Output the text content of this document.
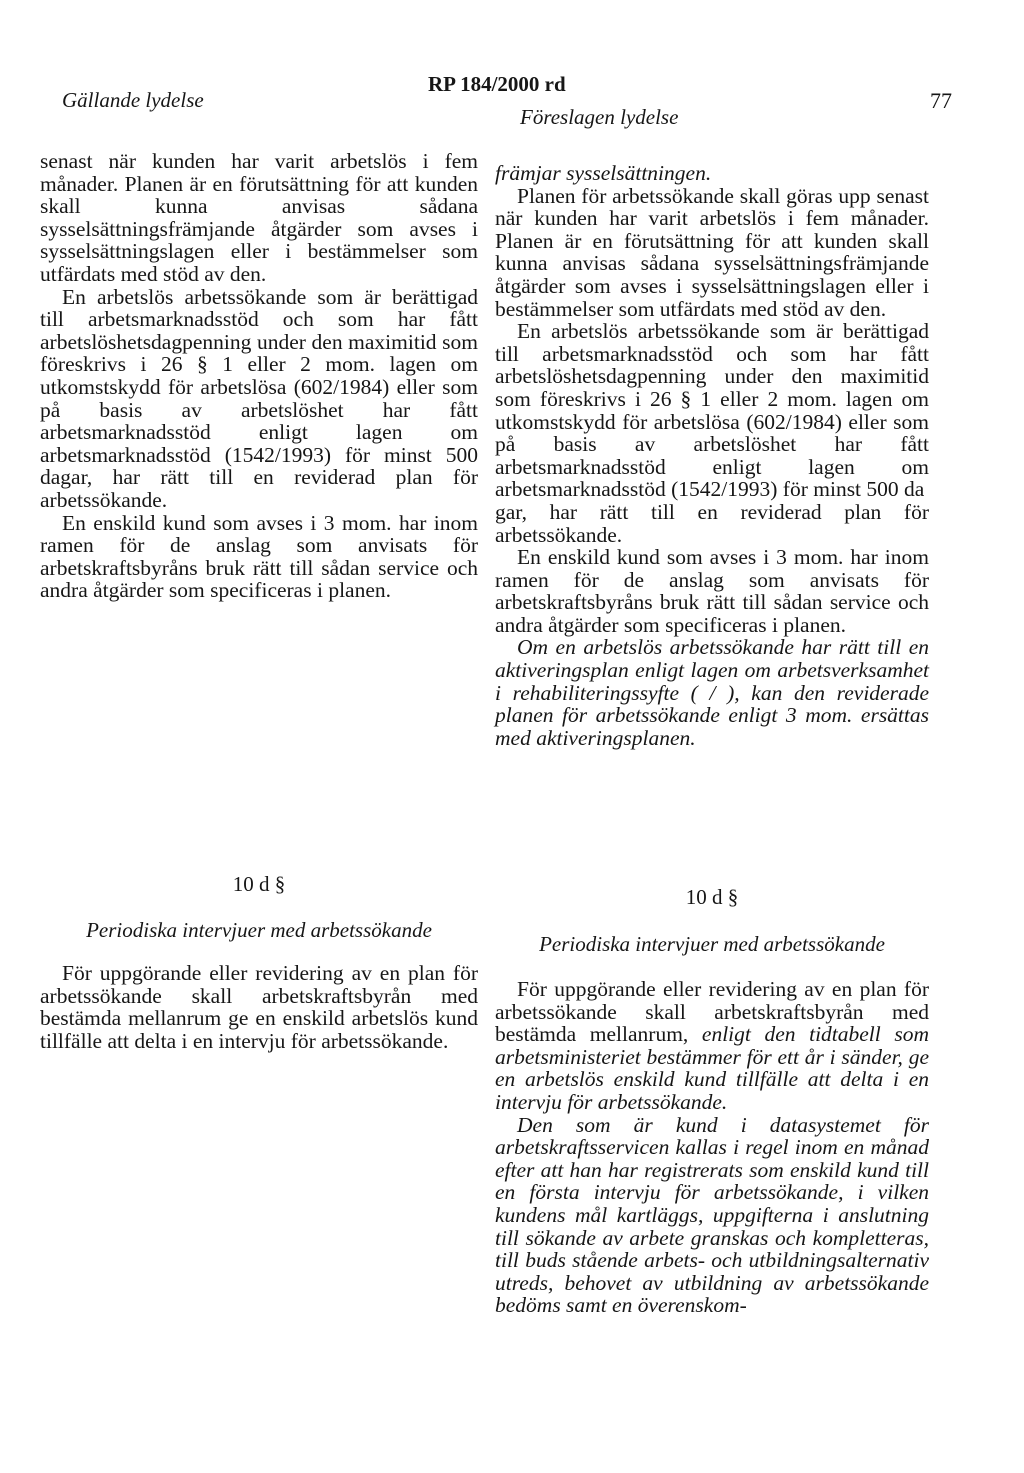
Gällande lydelse
RP 184/2000 rd
Föreslagen lydelse
77

senast när kunden har varit arbetslös i fem månader. Planen är en förutsättning för att kunden skall kunna anvisas sådana sysselsättningsfrämjande åtgärder som avses i sysselsättningslagen eller i bestämmelser som utfärdats med stöd av den.

En arbetslös arbetssökande som är berättigad till arbetsmarknadsstöd och som har fått arbetslöshetsdagpenning under den maximitid som föreskrivs i 26 § 1 eller 2 mom. lagen om utkomstskydd för arbetslösa (602/1984) eller som på basis av arbetslöshet har fått arbetsmarknadsstöd enligt lagen om arbetsmarknadsstöd (1542/1993) för minst 500 dagar, har rätt till en reviderad plan för arbetssökande.

En enskild kund som avses i 3 mom. har inom ramen för de anslag som anvisats för arbetskraftsbyråns bruk rätt till sådan service och andra åtgärder som specificeras i planen.

10 d §
Periodiska intervjuer med arbetssökande

För uppgörande eller revidering av en plan för arbetssökande skall arbetskraftsbyrån med bestämda mellanrum ge en enskild arbetslös kund tillfälle att delta i en intervju för arbetssökande.

främjar sysselsättningen.

Planen för arbetssökande skall göras upp senast när kunden har varit arbetslös i fem månader. Planen är en förutsättning för att kunden skall kunna anvisas sådana sysselsättningsfrämjande åtgärder som avses i sysselsättningslagen eller i bestämmelser som utfärdats med stöd av den.

En arbetslös arbetssökande som är berättigad till arbetsmarknadsstöd och som har fått arbetslöshetsdagpenning under den maximitid som föreskrivs i 26 § 1 eller 2 mom. lagen om utkomstskydd för arbetslösa (602/1984) eller som på basis av arbetslöshet har fått arbetsmarknadsstöd enligt lagen om arbetsmarknadsstöd (1542/1993) för minst 500 da

gar, har rätt till en reviderad plan för arbetssökande.

En enskild kund som avses i 3 mom. har inom ramen för de anslag som anvisats för arbetskraftsbyråns bruk rätt till sådan service och andra åtgärder som specificeras i planen.

Om en arbetslös arbetssökande har rätt till en aktiveringsplan enligt lagen om arbetsverksamhet i rehabiliteringssyfte ( / ), kan den reviderade planen för arbetssökande enligt 3 mom. ersättas med aktiveringsplanen.

10 d §
Periodiska intervjuer med arbetssökande

För uppgörande eller revidering av en plan för arbetssökande skall arbetskraftsbyrån med bestämda mellanrum, enligt den tidtabell som arbetsministeriet bestämmer för ett år i sänder, ge en arbetslös enskild kund tillfälle att delta i en intervju för arbetssökande.

Den som är kund i datasystemet för arbetskraftsservicen kallas i regel inom en månad efter att han har registrerats som enskild kund till en första intervju för arbetssökande, i vilken kundens mål kartläggs, uppgifterna i anslutning till sökande av arbete granskas och kompletteras, till buds stående arbets- och utbildningsalternativ utreds, behovet av utbildning av arbetssökande bedöms samt en överenskom-
